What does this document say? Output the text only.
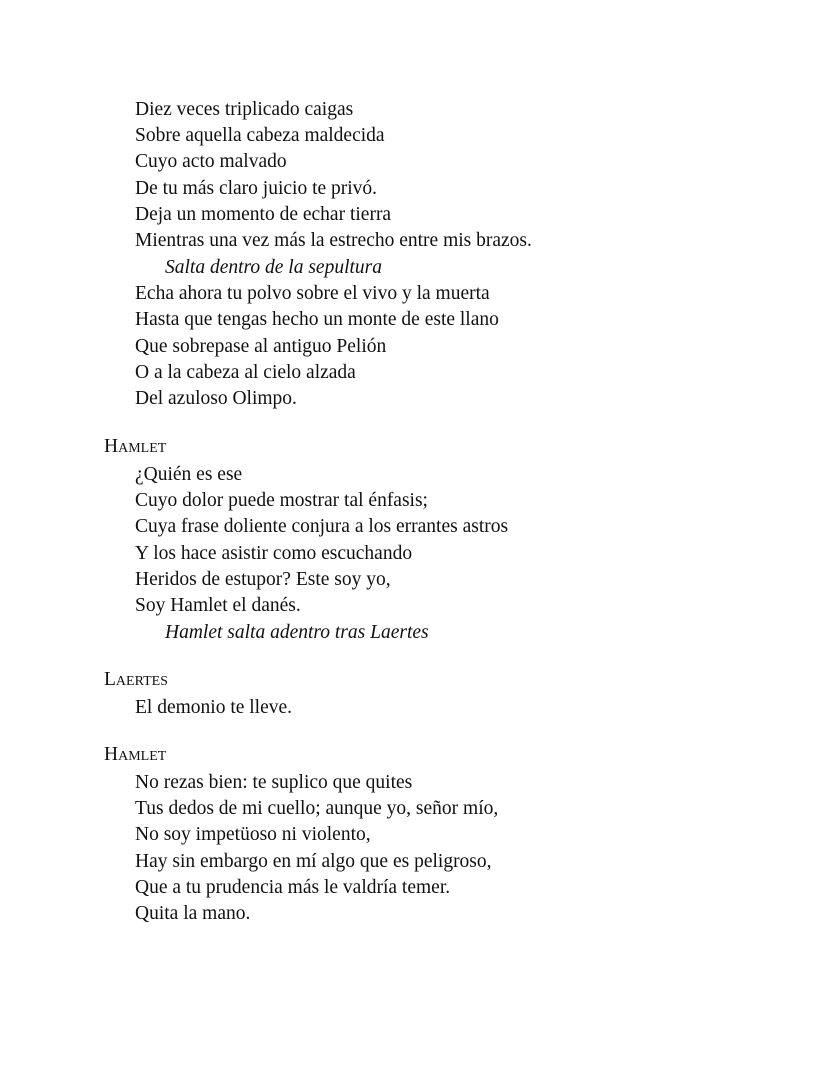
Diez veces triplicado caigas
Sobre aquella cabeza maldecida
Cuyo acto malvado
De tu más claro juicio te privó.
Deja un momento de echar tierra
Mientras una vez más la estrecho entre mis brazos.
Salta dentro de la sepultura
Echa ahora tu polvo sobre el vivo y la muerta
Hasta que tengas hecho un monte de este llano
Que sobrepase al antiguo Pelión
O a la cabeza al cielo alzada
Del azuloso Olimpo.
Hamlet
¿Quién es ese
Cuyo dolor puede mostrar tal énfasis;
Cuya frase doliente conjura a los errantes astros
Y los hace asistir como escuchando
Heridos de estupor? Este soy yo,
Soy Hamlet el danés.
Hamlet salta adentro tras Laertes
Laertes
El demonio te lleve.
Hamlet
No rezas bien: te suplico que quites
Tus dedos de mi cuello; aunque yo, señor mío,
No soy impetüoso ni violento,
Hay sin embargo en mí algo que es peligroso,
Que a tu prudencia más le valdría temer.
Quita la mano.
